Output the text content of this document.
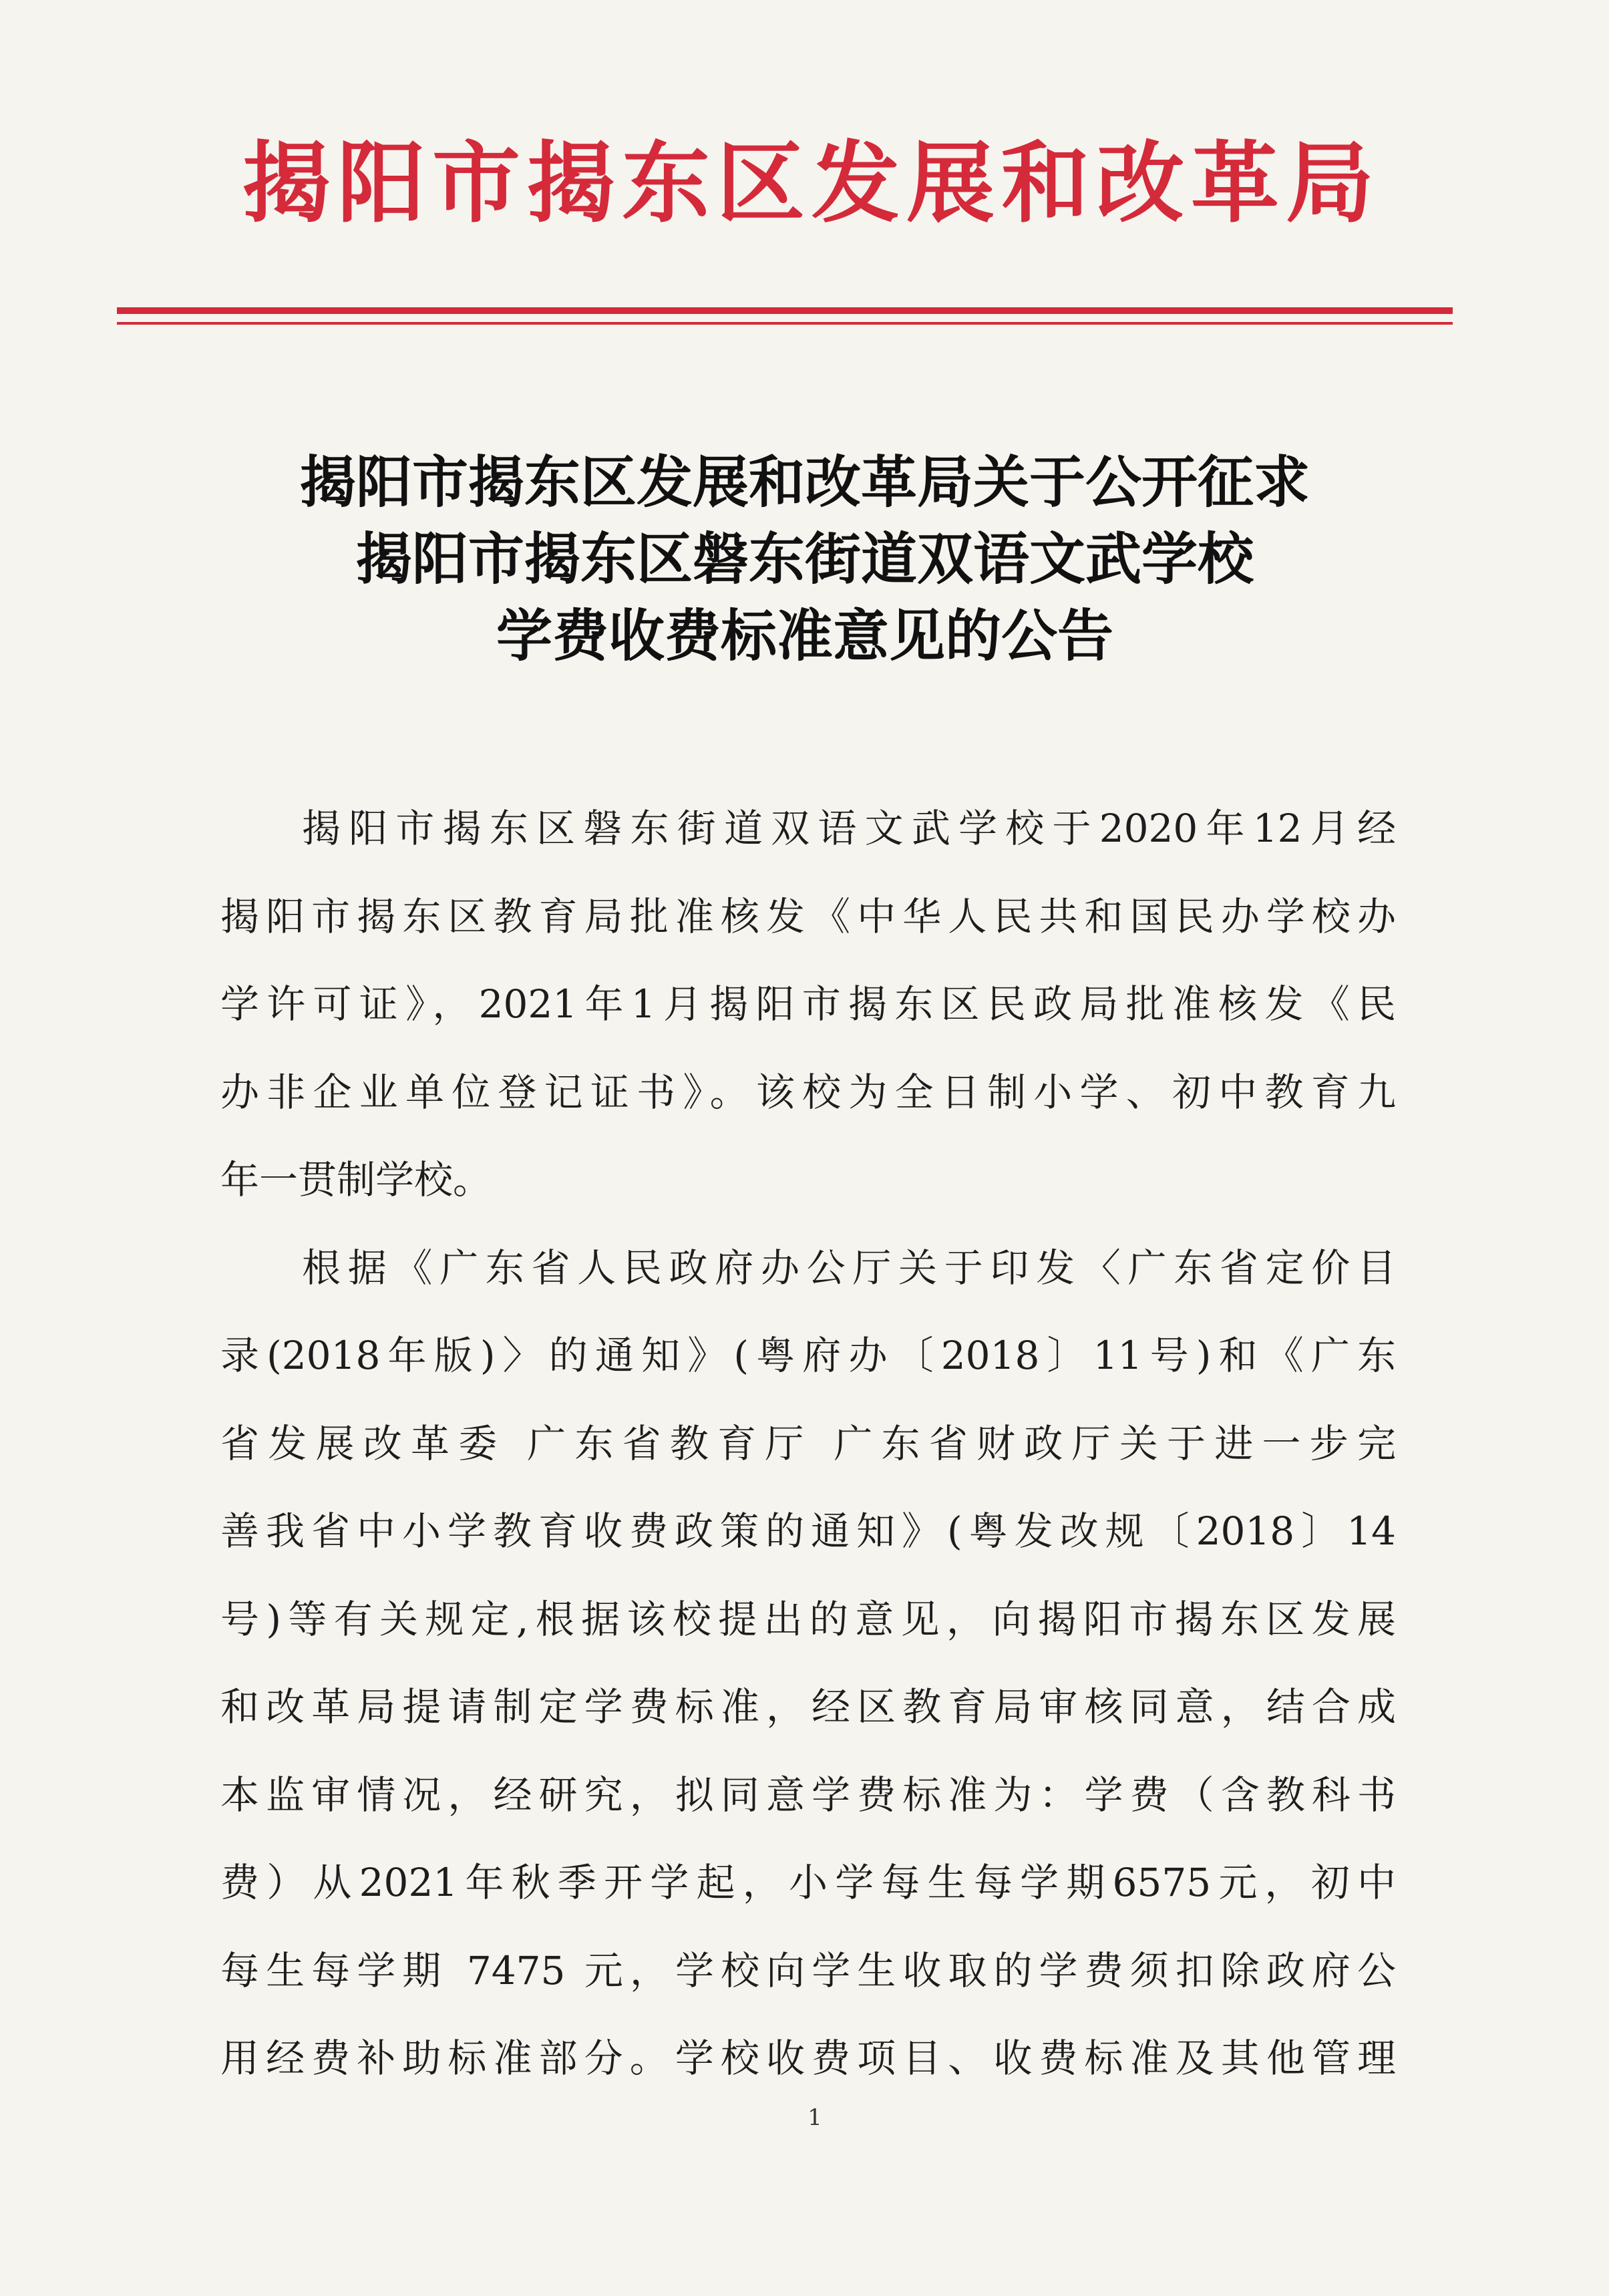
揭阳市揭东区发展和改革局
揭阳市揭东区发展和改革局关于公开征求
揭阳市揭东区磐东街道双语文武学校
学费收费标准意见的公告
揭阳市揭东区磐东街道双语文武学校于2020年12月经
揭阳市揭东区教育局批准核发《中华人民共和国民办学校办
学许可证》，2021年1月揭阳市揭东区民政局批准核发《民
办非企业单位登记证书》。该校为全日制小学、初中教育九
年一贯制学校。
根据《广东省人民政府办公厅关于印发〈广东省定价目
录(2018年版)〉的通知》(粤府办〔2018〕11号)和《广东
省发展改革委 广东省教育厅 广东省财政厅关于进一步完
善我省中小学教育收费政策的通知》(粤发改规〔2018〕14
号)等有关规定,根据该校提出的意见，向揭阳市揭东区发展
和改革局提请制定学费标准，经区教育局审核同意，结合成
本监审情况，经研究，拟同意学费标准为：学费（含教科书
费）从2021年秋季开学起，小学每生每学期6575元，初中
每生每学期 7475 元，学校向学生收取的学费须扣除政府公
用经费补助标准部分。学校收费项目、收费标准及其他管理
1
